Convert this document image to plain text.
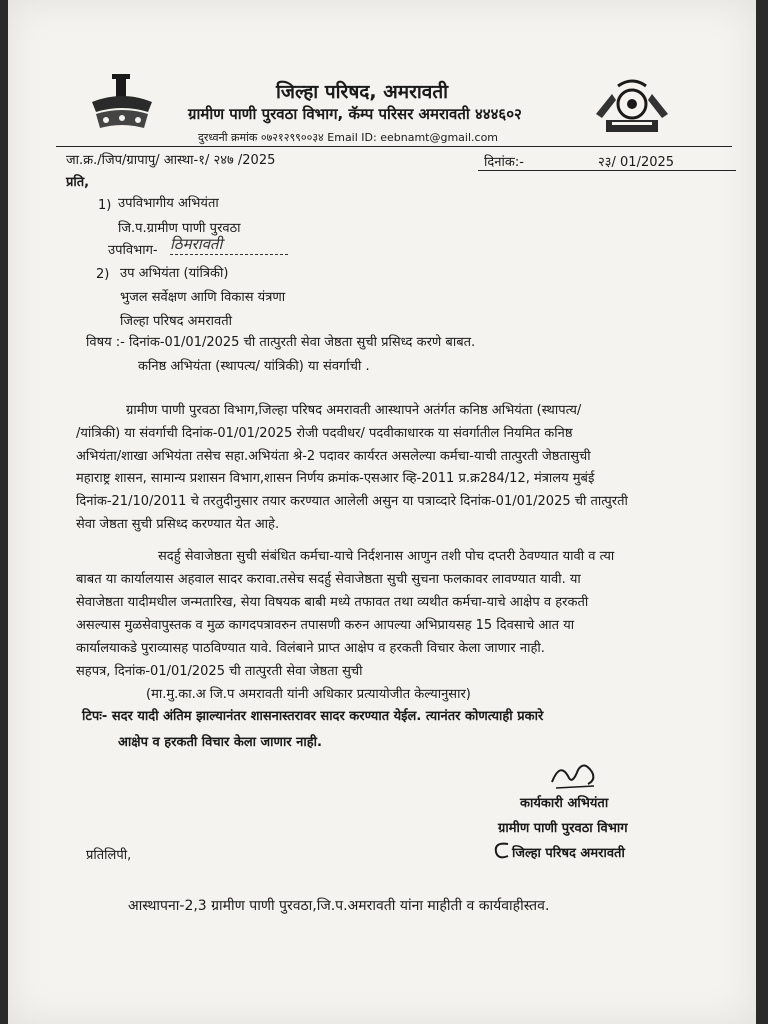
जिल्हा परिषद, अमरावती
ग्रामीण पाणी पुरवठा विभाग, कॅम्प परिसर अमरावती ४४४६०२
दुरध्वनी क्रमांक ०७२१२९९००३४ Email ID: eebnamt@gmail.com
जा.क्र./जिप/ग्रापापु/ आस्था-१/ २४७ /2025	दिनांक:-	२३/ 01/2025
प्रति,
1) उपविभागीय अभियंता
जि.प.ग्रामीण पाणी पुरवठा
उपविभाग- ठिमरावती
2) उप अभियंता (यांत्रिकी)
भुजल सर्वेक्षण आणि विकास यंत्रणा
जिल्हा परिषद अमरावती
विषय :- दिनांक-01/01/2025 ची तात्पुरती सेवा जेष्ठता सुची प्रसिध्द करणे बाबत.
कनिष्ठ अभियंता (स्थापत्य/ यांत्रिकी) या संवर्गाची .
ग्रामीण पाणी पुरवठा विभाग,जिल्हा परिषद अमरावती आस्थापने अतंर्गत कनिष्ठ अभियंता (स्थापत्य/
/यांत्रिकी) या संवर्गाची दिनांक-01/01/2025 रोजी पदवीधर/ पदवीकाधारक या संवर्गातील नियमित कनिष्ठ
अभियंता/शाखा अभियंता तसेच सहा.अभियंता श्रे-2 पदावर कार्यरत असलेल्या कर्मचा-याची तात्पुरती जेष्ठतासुची
महाराष्ट्र शासन, सामान्य प्रशासन विभाग,शासन निर्णय क्रमांक-एसआर व्हि-2011 प्र.क्र284/12, मंत्रालय मुबंई
दिनांक-21/10/2011 चे तरतुदीनुसार तयार करण्यात आलेली असुन या पत्राव्दारे दिनांक-01/01/2025 ची तात्पुरती
सेवा जेष्ठता सुची प्रसिध्द करण्यात येत आहे.
सदर्हु सेवाजेष्ठता सुची संबंधित कर्मचा-याचे निर्दशनास आणुन तशी पोच दप्तरी ठेवण्यात यावी व त्या
बाबत या कार्यालयास अहवाल सादर करावा.तसेच सदर्हु सेवाजेष्ठता सुची सुचना फलकावर लावण्यात यावी. या
सेवाजेष्ठता यादीमधील जन्मतारिख, सेया विषयक बाबी मध्ये तफावत तथा व्यथीत कर्मचा-याचे आक्षेप व हरकती
असल्यास मुळसेवापुस्तक व मुळ कागदपत्रावरुन तपासणी करुन आपल्या अभिप्रायसह 15 दिवसाचे आत या
कार्यालयाकडे पुराव्यासह पाठविण्यात यावे. विलंबाने प्राप्त आक्षेप व हरकती विचार केला जाणार नाही.
सहपत्र, दिनांक-01/01/2025 ची तात्पुरती सेवा जेष्ठता सुची
(मा.मु.का.अ जि.प अमरावती यांनी अधिकार प्रत्यायोजीत केल्यानुसार)
टिपः- सदर यादी अंतिम झाल्यानंतर शासनास्तरावर सादर करण्यात येईल. त्यानंतर कोणत्याही प्रकारे
आक्षेप व हरकती विचार केला जाणार नाही.
कार्यकारी अभियंता
ग्रामीण पाणी पुरवठा विभाग
जिल्हा परिषद अमरावती
प्रतिलिपी,
आस्थापना-2,3 ग्रामीण पाणी पुरवठा,जि.प.अमरावती यांना माहीती व कार्यवाहीस्तव.
